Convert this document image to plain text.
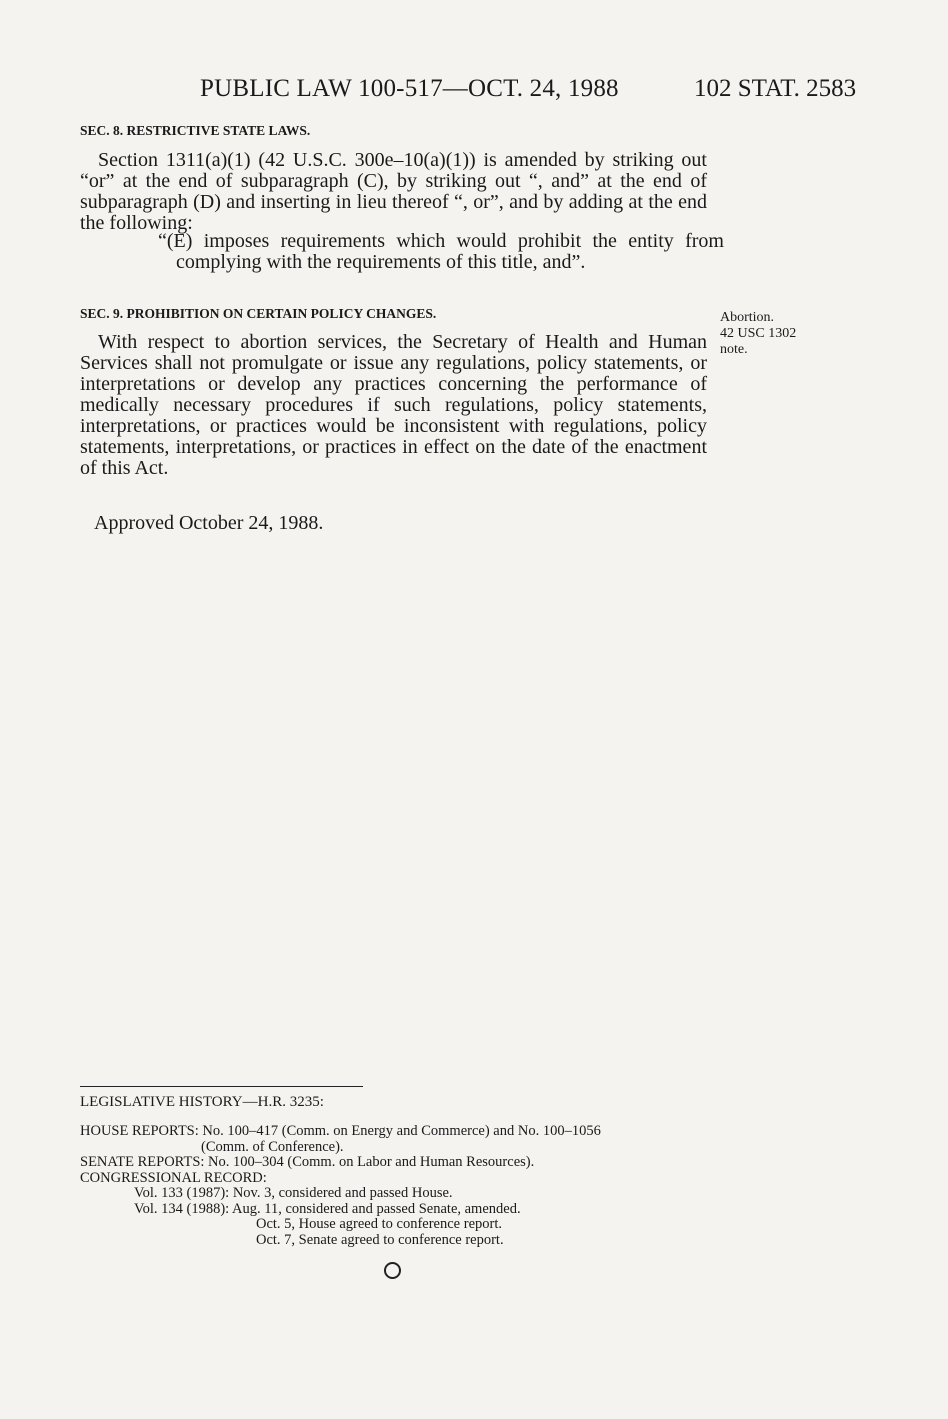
PUBLIC LAW 100-517—OCT. 24, 1988	102 STAT. 2583
SEC. 8. RESTRICTIVE STATE LAWS.
Section 1311(a)(1) (42 U.S.C. 300e–10(a)(1)) is amended by striking out “or” at the end of subparagraph (C), by striking out “, and” at the end of subparagraph (D) and inserting in lieu thereof “, or”, and by adding at the end the following:
“(E) imposes requirements which would prohibit the entity from complying with the requirements of this title, and”.
SEC. 9. PROHIBITION ON CERTAIN POLICY CHANGES.
With respect to abortion services, the Secretary of Health and Human Services shall not promulgate or issue any regulations, policy statements, or interpretations or develop any practices concerning the performance of medically necessary procedures if such regulations, policy statements, interpretations, or practices would be inconsistent with regulations, policy statements, interpretations, or practices in effect on the date of the enactment of this Act.
Abortion.
42 USC 1302
note.
Approved October 24, 1988.
LEGISLATIVE HISTORY—H.R. 3235:
HOUSE REPORTS: No. 100–417 (Comm. on Energy and Commerce) and No. 100–1056
(Comm. of Conference).
SENATE REPORTS: No. 100–304 (Comm. on Labor and Human Resources).
CONGRESSIONAL RECORD:
Vol. 133 (1987): Nov. 3, considered and passed House.
Vol. 134 (1988): Aug. 11, considered and passed Senate, amended.
Oct. 5, House agreed to conference report.
Oct. 7, Senate agreed to conference report.
